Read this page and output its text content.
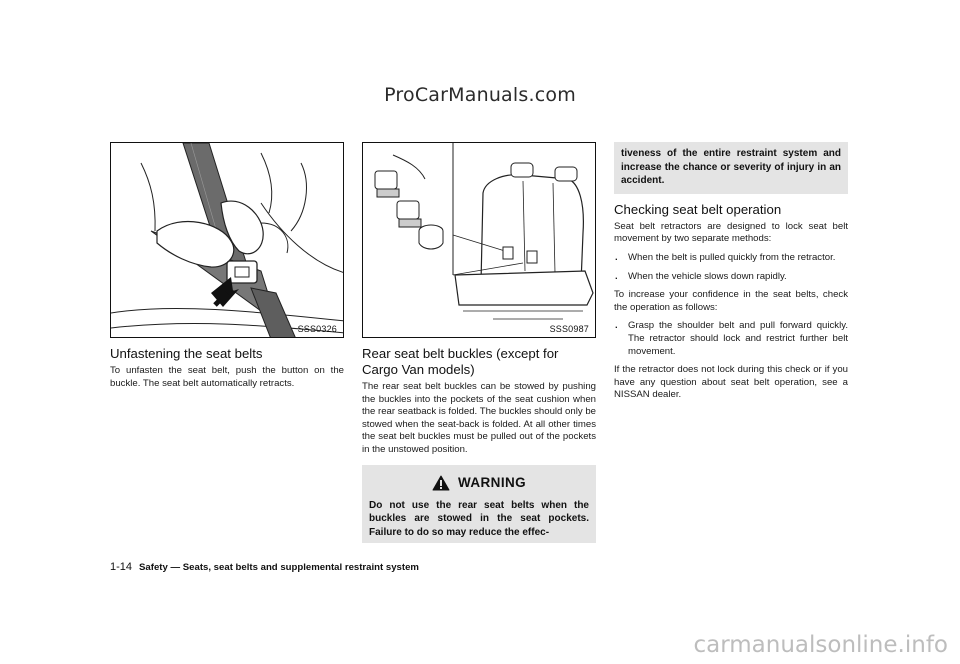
ProCarManuals.com
SSS0326
Unfastening the seat belts

To unfasten the seat belt, push the button on the buckle. The seat belt automatically retracts.

SSS0987
Rear seat belt buckles (except for Cargo Van models)

The rear seat belt buckles can be stowed by pushing the buckles into the pockets of the seat cushion when the rear seatback is folded. The buckles should only be stowed when the seat-back is folded. At all other times the seat belt buckles must be pulled out of the pockets in the unstowed position.

WARNING
Do not use the rear seat belts when the buckles are stowed in the seat pockets. Failure to do so may reduce the effec-
tiveness of the entire restraint system and increase the chance or severity of injury in an accident.
Checking seat belt operation

Seat belt retractors are designed to lock seat belt movement by two separate methods:

. When the belt is pulled quickly from the retractor.
. When the vehicle slows down rapidly.

To increase your confidence in the seat belts, check the operation as follows:

. Grasp the shoulder belt and pull forward quickly. The retractor should lock and restrict further belt movement.

If the retractor does not lock during this check or if you have any question about seat belt operation, see a NISSAN dealer.

1-14 Safety — Seats, seat belts and supplemental restraint system
carmanualsonline.info
